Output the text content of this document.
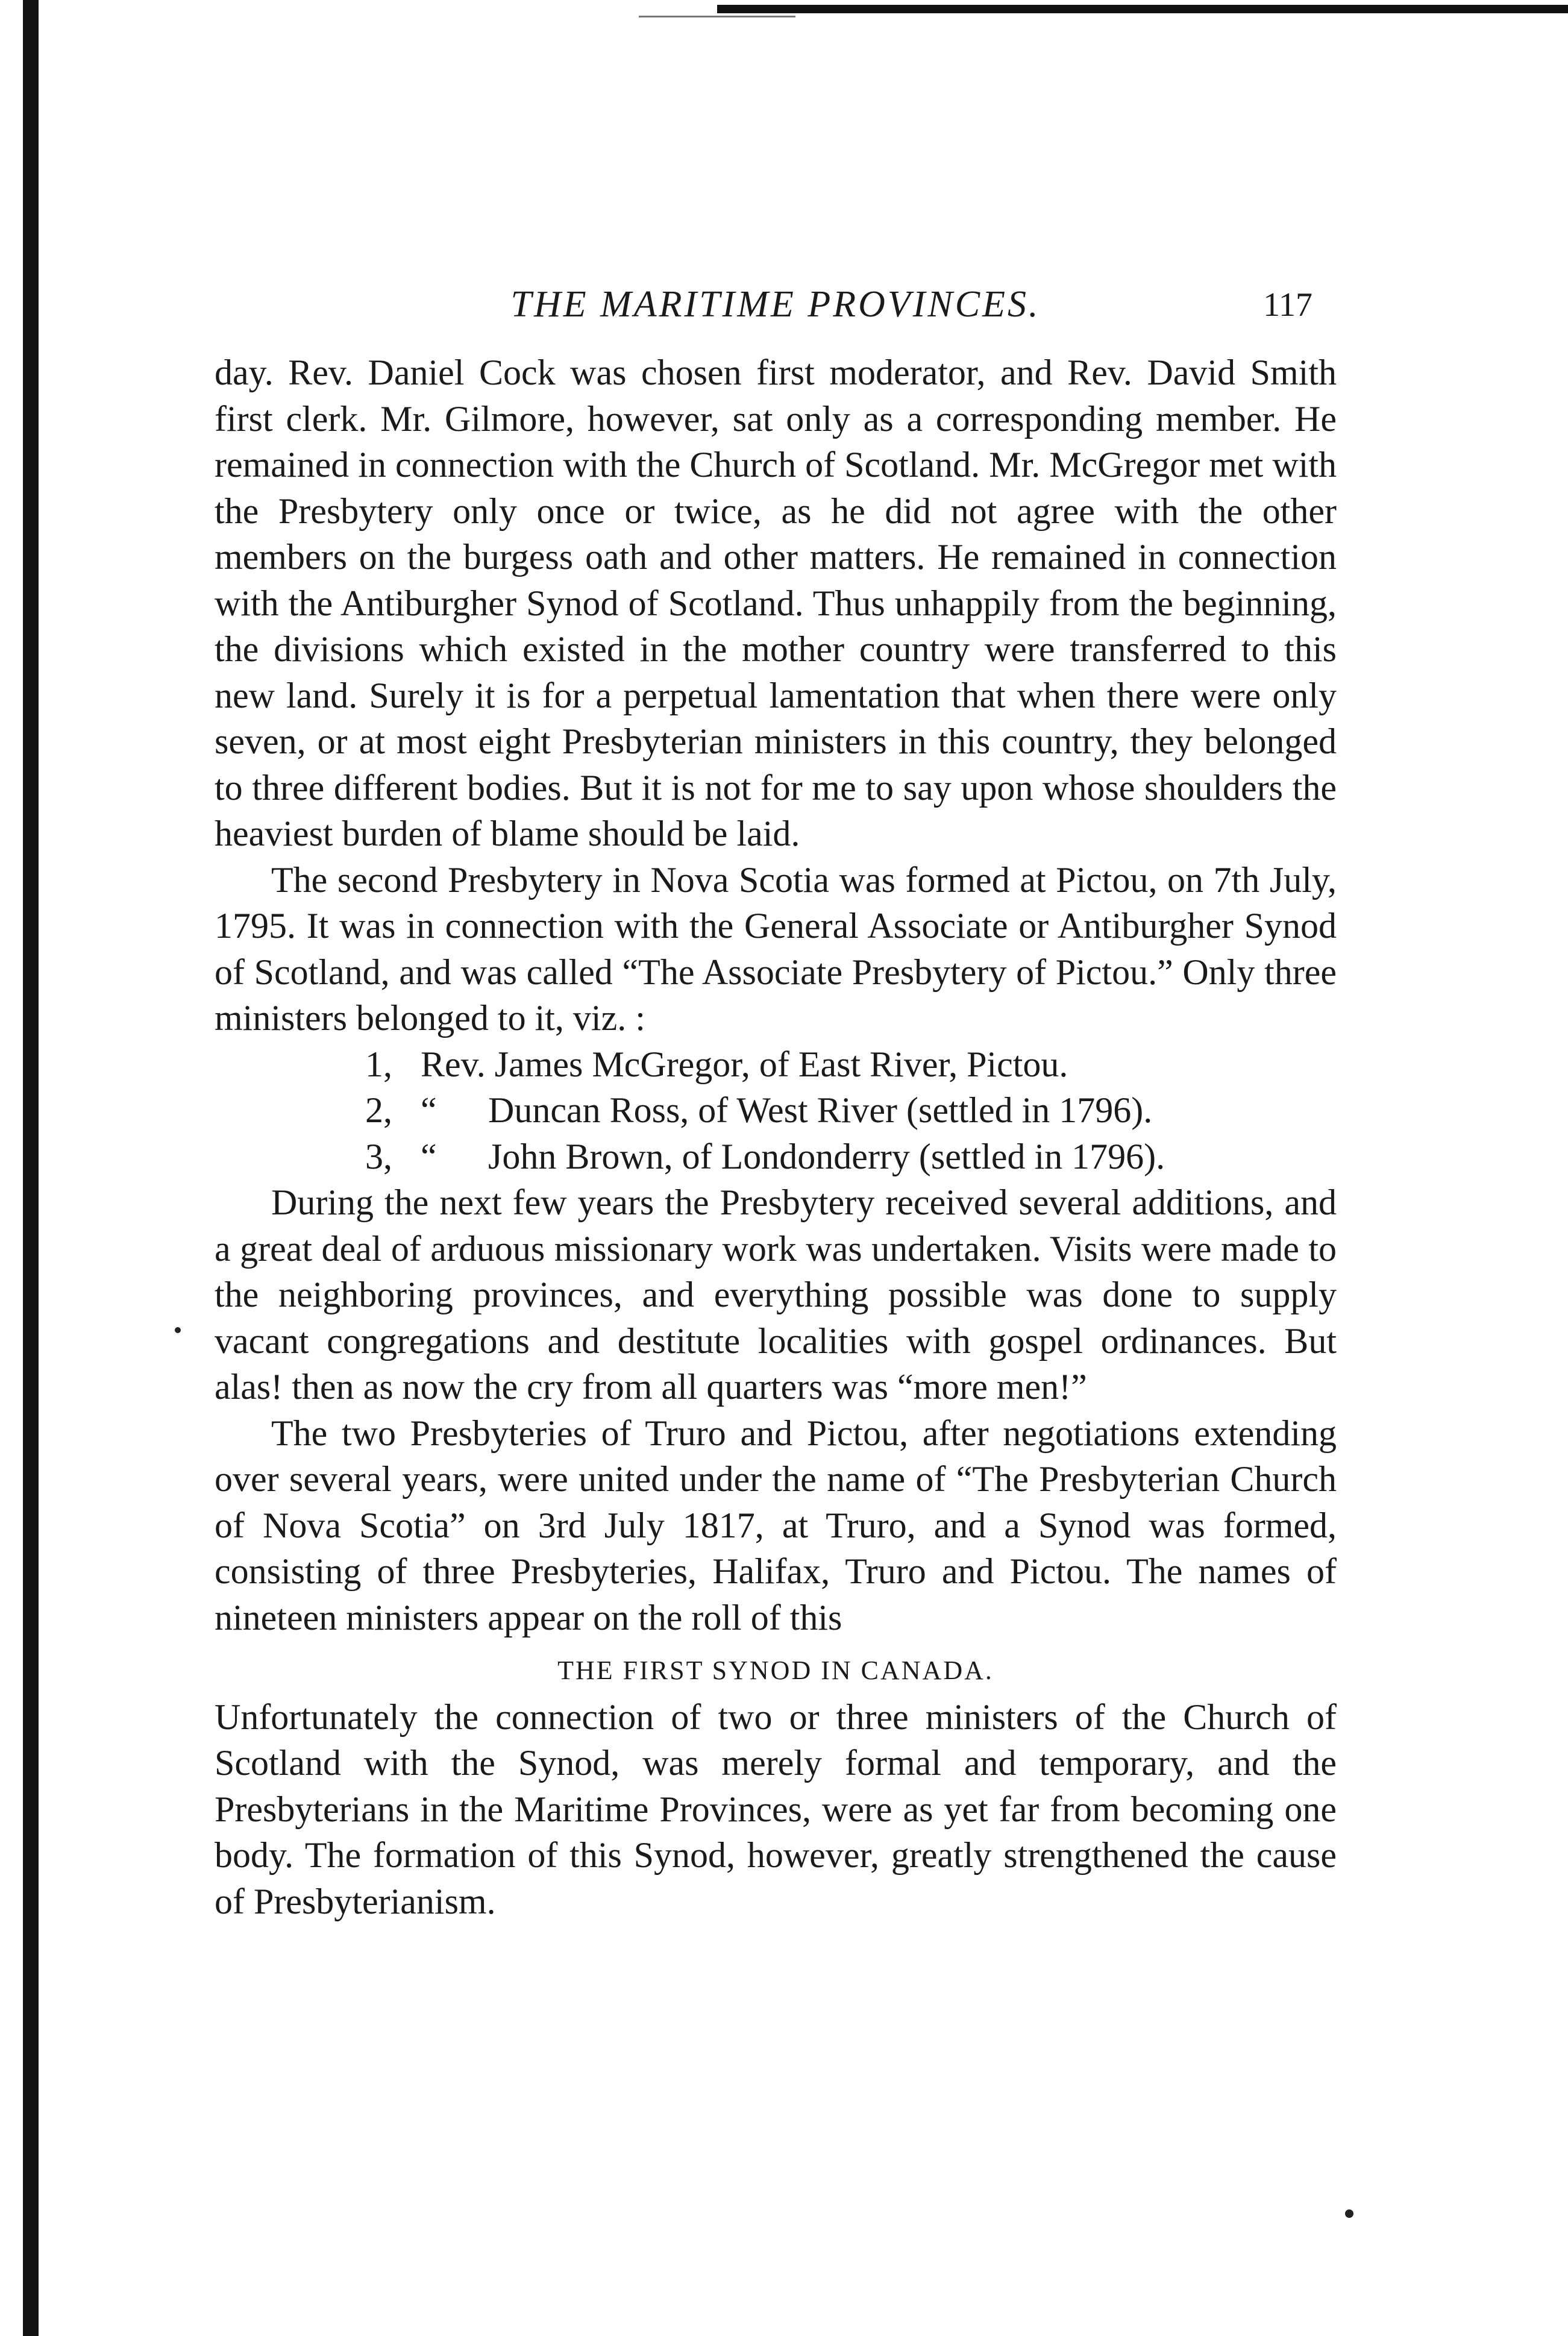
THE MARITIME PROVINCES.	117

day. Rev. Daniel Cock was chosen first moderator, and Rev. David Smith first clerk. Mr. Gilmore, however, sat only as a corresponding member. He remained in connection with the Church of Scotland. Mr. McGregor met with the Presbytery only once or twice, as he did not agree with the other members on the burgess oath and other matters. He remained in connection with the Antiburgher Synod of Scotland. Thus unhappily from the beginning, the divisions which existed in the mother country were transferred to this new land. Surely it is for a perpetual lamentation that when there were only seven, or at most eight Presbyterian ministers in this country, they belonged to three different bodies. But it is not for me to say upon whose shoulders the heaviest burden of blame should be laid.

The second Presbytery in Nova Scotia was formed at Pictou, on 7th July, 1795. It was in connection with the General Associate or Antiburgher Synod of Scotland, and was called “The Associate Presbytery of Pictou.” Only three ministers belonged to it, viz. :

1, Rev. James McGregor, of East River, Pictou.
2, “ Duncan Ross, of West River (settled in 1796).
3, “ John Brown, of Londonderry (settled in 1796).

During the next few years the Presbytery received several additions, and a great deal of arduous missionary work was undertaken. Visits were made to the neighboring provinces, and everything possible was done to supply vacant congregations and destitute localities with gospel ordinances. But alas! then as now the cry from all quarters was “more men!”

The two Presbyteries of Truro and Pictou, after negotiations extending over several years, were united under the name of “The Presbyterian Church of Nova Scotia” on 3rd July 1817, at Truro, and a Synod was formed, consisting of three Presbyteries, Halifax, Truro and Pictou. The names of nineteen ministers appear on the roll of this

THE FIRST SYNOD IN CANADA.

Unfortunately the connection of two or three ministers of the Church of Scotland with the Synod, was merely formal and temporary, and the Presbyterians in the Maritime Provinces, were as yet far from becoming one body. The formation of this Synod, however, greatly strengthened the cause of Presbyterianism.
